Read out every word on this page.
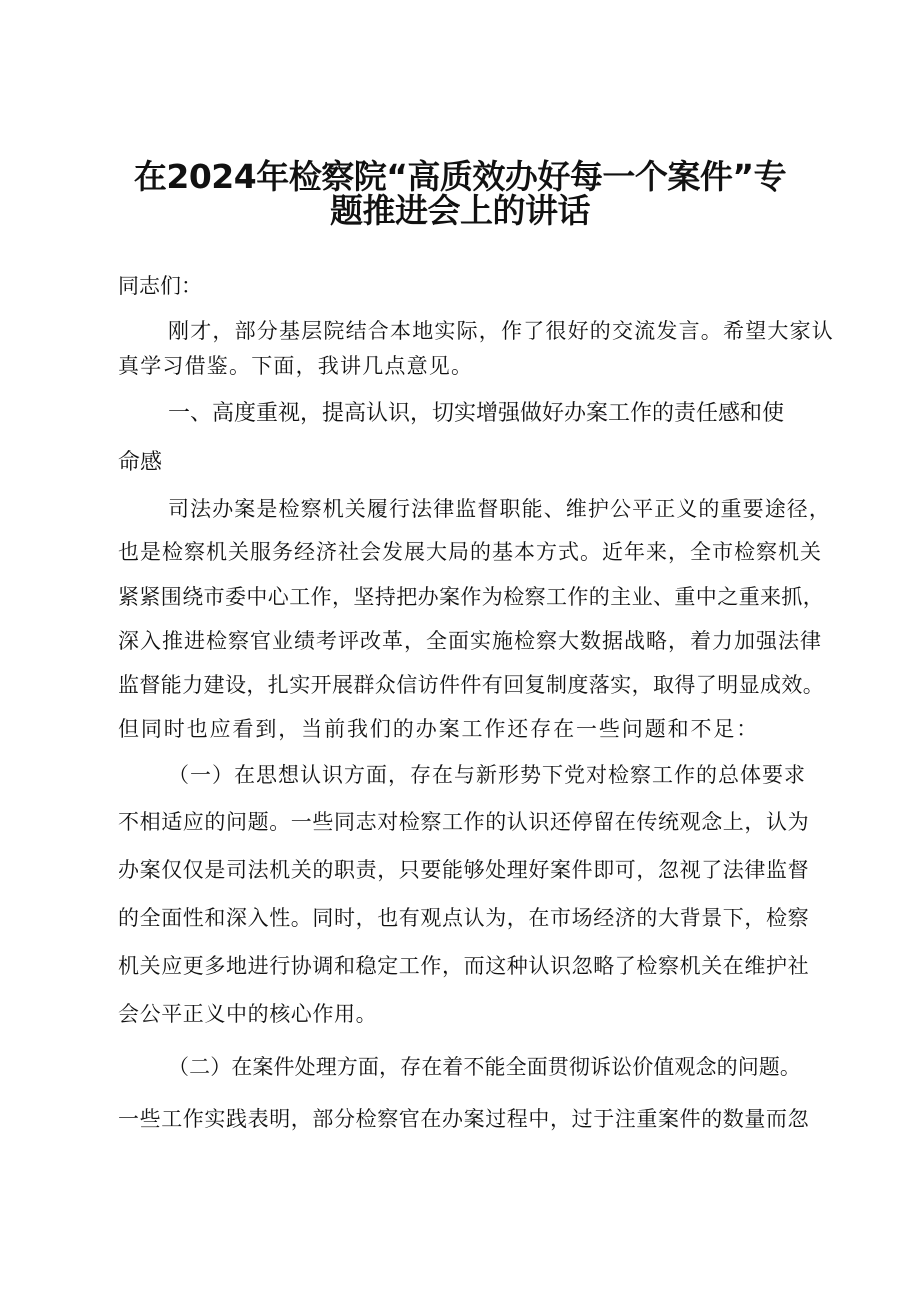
在2024年检察院“高质效办好每一个案件”专
题推进会上的讲话
同志们：
刚才，部分基层院结合本地实际，作了很好的交流发言。希望大家认
真学习借鉴。下面，我讲几点意见。
一、高度重视，提高认识，切实增强做好办案工作的责任感和使
命感
司法办案是检察机关履行法律监督职能、维护公平正义的重要途径，
也是检察机关服务经济社会发展大局的基本方式。近年来，全市检察机关
紧紧围绕市委中心工作，坚持把办案作为检察工作的主业、重中之重来抓，
深入推进检察官业绩考评改革，全面实施检察大数据战略，着力加强法律
监督能力建设，扎实开展群众信访件件有回复制度落实，取得了明显成效。
但同时也应看到，当前我们的办案工作还存在一些问题和不足：
（一）在思想认识方面，存在与新形势下党对检察工作的总体要求
不相适应的问题。一些同志对检察工作的认识还停留在传统观念上，认为
办案仅仅是司法机关的职责，只要能够处理好案件即可，忽视了法律监督
的全面性和深入性。同时，也有观点认为，在市场经济的大背景下，检察
机关应更多地进行协调和稳定工作，而这种认识忽略了检察机关在维护社
会公平正义中的核心作用。
（二）在案件处理方面，存在着不能全面贯彻诉讼价值观念的问题。
一些工作实践表明，部分检察官在办案过程中，过于注重案件的数量而忽
